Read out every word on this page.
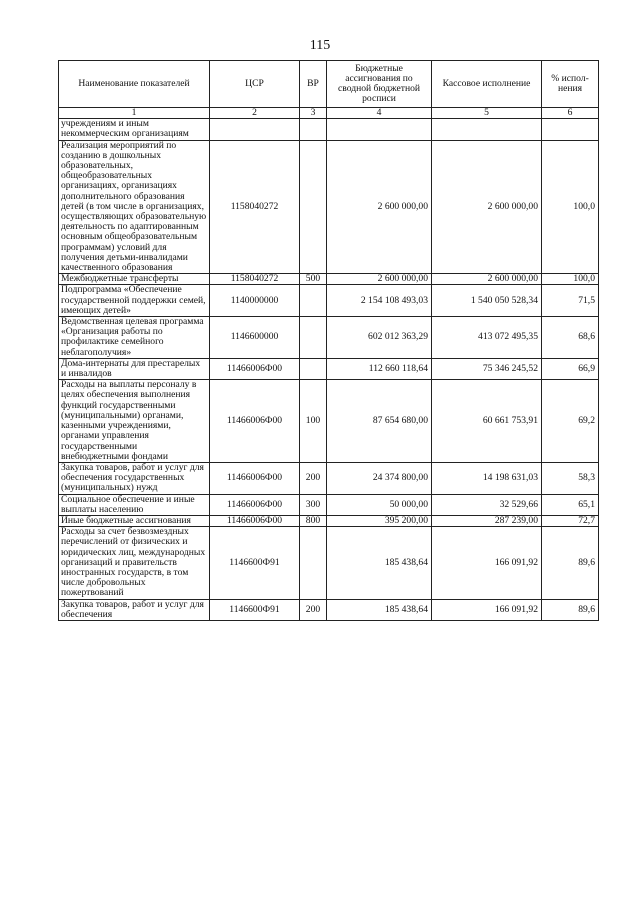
115
Наименование показателей	ЦСР	ВР	Бюджетные ассигнования по сводной бюджетной росписи	Кассовое исполнение	% испол-нения
1	2	3	4	5	6
учреждениям и иным некоммерческим организациям					
Реализация мероприятий по созданию в дошкольных образовательных, общеобразовательных организациях, организациях дополнительного образования детей (в том числе в организациях, осуществляющих образовательную деятельность по адаптированным основным общеобразовательным программам) условий для получения детьми-инвалидами качественного образования	1158040272		2 600 000,00	2 600 000,00	100,0
Межбюджетные трансферты	1158040272	500	2 600 000,00	2 600 000,00	100,0
Подпрограмма «Обеспечение государственной поддержки семей, имеющих детей»	1140000000		2 154 108 493,03	1 540 050 528,34	71,5
Ведомственная целевая программа «Организация работы по профилактике семейного неблагополучия»	1146600000		602 012 363,29	413 072 495,35	68,6
Дома-интернаты для престарелых и инвалидов	11466006Ф00		112 660 118,64	75 346 245,52	66,9
Расходы на выплаты персоналу в целях обеспечения выполнения функций государственными (муниципальными) органами, казенными учреждениями, органами управления государственными внебюджетными фондами	11466006Ф00	100	87 654 680,00	60 661 753,91	69,2
Закупка товаров, работ и услуг для обеспечения государственных (муниципальных) нужд	11466006Ф00	200	24 374 800,00	14 198 631,03	58,3
Социальное обеспечение и иные выплаты населению	11466006Ф00	300	50 000,00	32 529,66	65,1
Иные бюджетные ассигнования	11466006Ф00	800	395 200,00	287 239,00	72,7
Расходы за счет безвозмездных перечислений от физических и юридических лиц, международных организаций и правительств иностранных государств, в том числе добровольных пожертвований	1146600Ф91		185 438,64	166 091,92	89,6
Закупка товаров, работ и услуг для обеспечения	1146600Ф91	200	185 438,64	166 091,92	89,6
